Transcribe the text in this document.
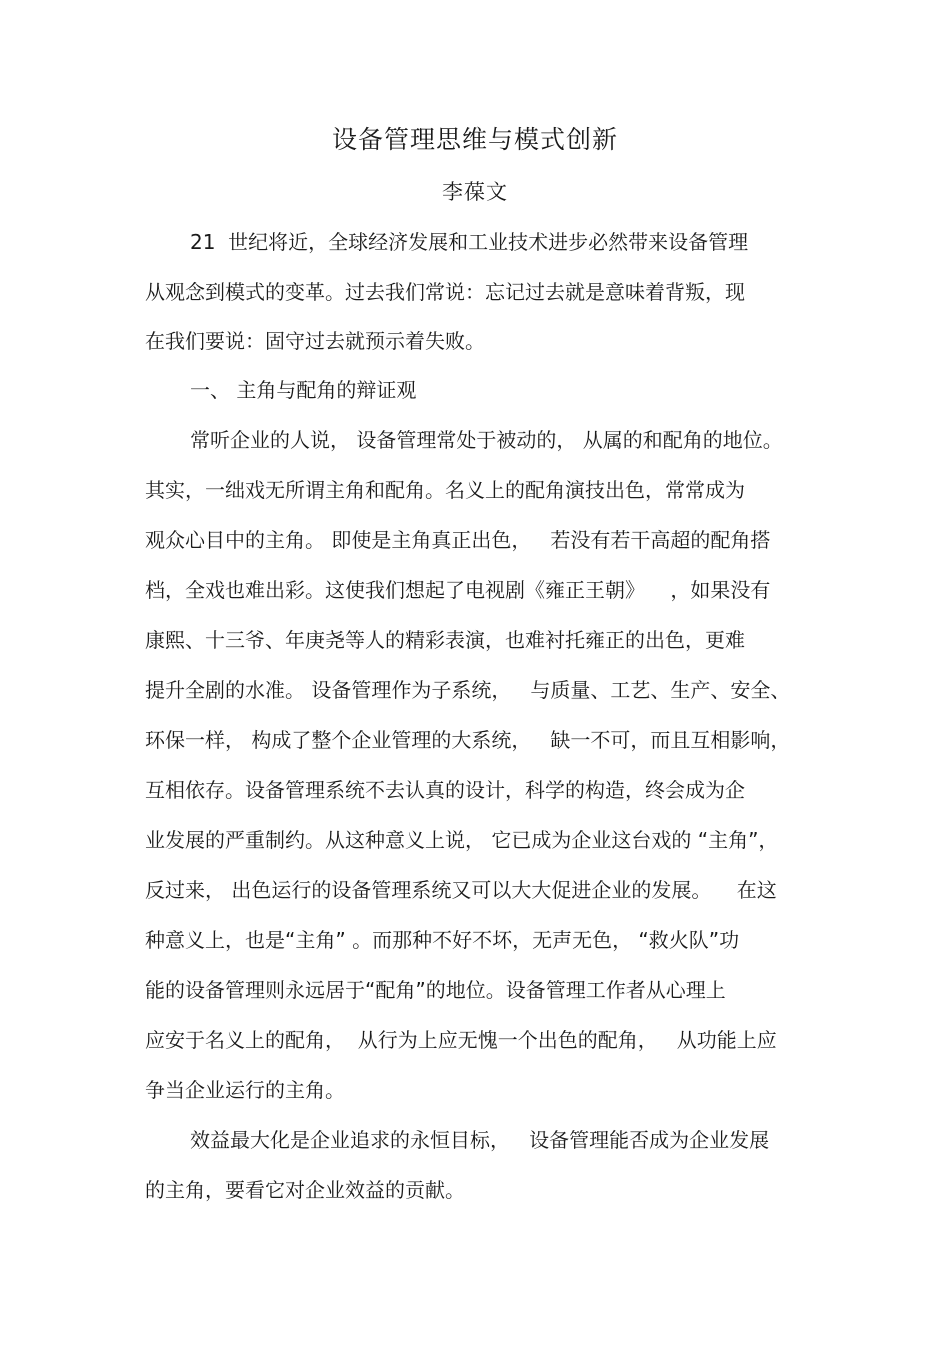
设备管理思维与模式创新
李葆文
21  世纪将近，全球经济发展和工业技术进步必然带来设备管理
从观念到模式的变革。过去我们常说：忘记过去就是意味着背叛，现
在我们要说：固守过去就预示着失败。
一、 主角与配角的辩证观
常听企业的人说， 设备管理常处于被动的， 从属的和配角的地位。
其实，一绌戏无所谓主角和配角。名义上的配角演技出色，常常成为
观众心目中的主角。 即使是主角真正出色，   若没有若干高超的配角搭
档，全戏也难出彩。这使我们想起了电视剧《雍正王朝》    ，如果没有
康熙、十三爷、年庚尧等人的精彩表演，也难衬托雍正的出色，更难
提升全剧的水准。 设备管理作为子系统，   与质量、工艺、生产、安全、
环保一样， 构成了整个企业管理的大系统，   缺一不可，而且互相影响，
互相依存。设备管理系统不去认真的设计，科学的构造，终会成为企
业发展的严重制约。从这种意义上说， 它已成为企业这台戏的 “主角”，
反过来， 出色运行的设备管理系统又可以大大促进企业的发展。    在这
种意义上，也是“主角” 。而那种不好不坏，无声无色， “救火队”功
能的设备管理则永远居于“配角”的地位。设备管理工作者从心理上
应安于名义上的配角，  从行为上应无愧一个出色的配角，   从功能上应
争当企业运行的主角。
效益最大化是企业追求的永恒目标，   设备管理能否成为企业发展
的主角，要看它对企业效益的贡献。
